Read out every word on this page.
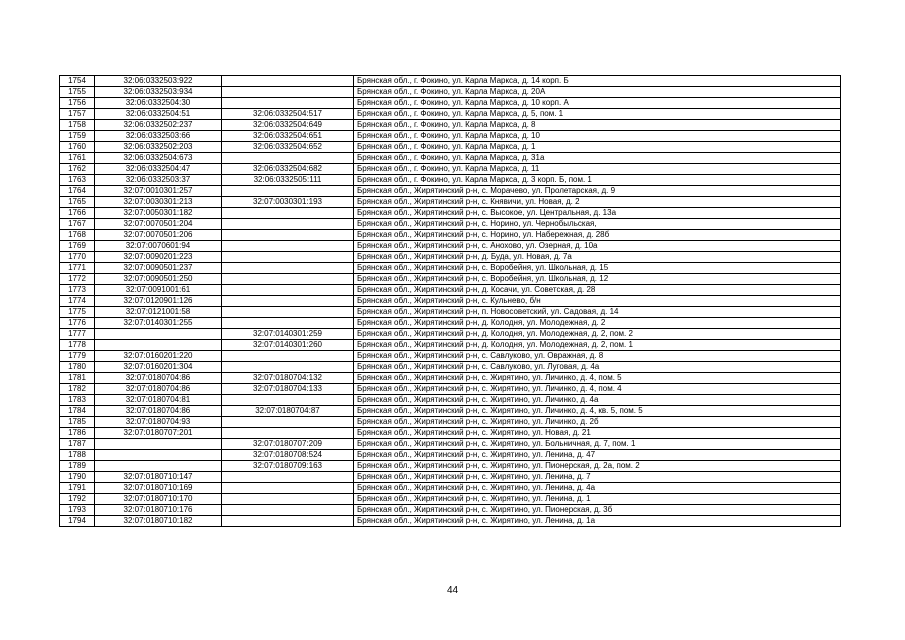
1754	32:06:0332503:922		Брянская обл., г. Фокино, ул. Карла Маркса, д. 14 корп. Б
1755	32:06:0332503:934		Брянская обл., г. Фокино, ул. Карла Маркса, д. 20А
1756	32:06:0332504:30		Брянская обл., г. Фокино, ул. Карла Маркса, д. 10 корп. А
1757	32:06:0332504:51	32:06:0332504:517	Брянская обл., г. Фокино, ул. Карла Маркса, д. 5, пом. 1
1758	32:06:0332502:237	32:06:0332504:649	Брянская обл., г. Фокино, ул. Карла Маркса, д. 8
1759	32:06:0332503:66	32:06:0332504:651	Брянская обл., г. Фокино, ул. Карла Маркса, д. 10
1760	32:06:0332502:203	32:06:0332504:652	Брянская обл., г. Фокино, ул. Карла Маркса, д. 1
1761	32:06:0332504:673		Брянская обл., г. Фокино, ул. Карла Маркса, д. 31а
1762	32:06:0332504:47	32:06:0332504:682	Брянская обл., г. Фокино, ул. Карла Маркса, д. 11
1763	32:06:0332503:37	32:06:0332505:111	Брянская обл., г. Фокино, ул. Карла Маркса, д. 3 корп. Б, пом. 1
1764	32:07:0010301:257		Брянская обл., Жирятинский р-н, с. Морачево, ул. Пролетарская, д. 9
1765	32:07:0030301:213	32:07:0030301:193	Брянская обл., Жирятинский р-н, с. Княвичи, ул. Новая, д. 2
1766	32:07:0050301:182		Брянская обл., Жирятинский р-н, с. Высокое, ул. Центральная, д. 13а
1767	32:07:0070501:204		Брянская обл., Жирятинский р-н, с. Норино, ул. Чернобыльская,
1768	32:07:0070501:206		Брянская обл., Жирятинский р-н, с. Норино, ул. Набережная, д. 28б
1769	32:07:0070601:94		Брянская обл., Жирятинский р-н, с. Анохово, ул. Озерная, д. 10а
1770	32:07:0090201:223		Брянская обл., Жирятинский р-н, д. Буда, ул. Новая, д. 7а
1771	32:07:0090501:237		Брянская обл., Жирятинский р-н, с. Воробейня, ул. Школьная, д. 15
1772	32:07:0090501:250		Брянская обл., Жирятинский р-н, с. Воробейня, ул. Школьная, д. 12
1773	32:07:0091001:61		Брянская обл., Жирятинский р-н, д. Косачи, ул. Советская, д. 28
1774	32:07:0120901:126		Брянская обл., Жирятинский р-н, с. Кульнево, б/н
1775	32:07:0121001:58		Брянская обл., Жирятинский р-н, п. Новосоветский, ул. Садовая, д. 14
1776	32:07:0140301:255		Брянская обл., Жирятинский р-н, д. Колодня, ул. Молодежная, д. 2
1777		32:07:0140301:259	Брянская обл., Жирятинский р-н, д. Колодня, ул. Молодежная, д. 2, пом. 2
1778		32:07:0140301:260	Брянская обл., Жирятинский р-н, д. Колодня, ул. Молодежная, д. 2, пом. 1
1779	32:07:0160201:220		Брянская обл., Жирятинский р-н, с. Савлуково, ул. Овражная, д. 8
1780	32:07:0160201:304		Брянская обл., Жирятинский р-н, с. Савлуково, ул. Луговая, д. 4а
1781	32:07:0180704:86	32:07:0180704:132	Брянская обл., Жирятинский р-н, с. Жирятино, ул. Личинко, д. 4, пом. 5
1782	32:07:0180704:86	32:07:0180704:133	Брянская обл., Жирятинский р-н, с. Жирятино, ул. Личинко, д. 4, пом. 4
1783	32:07:0180704:81		Брянская обл., Жирятинский р-н, с. Жирятино, ул. Личинко, д. 4а
1784	32:07:0180704:86	32:07:0180704:87	Брянская обл., Жирятинский р-н, с. Жирятино, ул. Личинко, д. 4, кв. 5, пом. 5
1785	32:07:0180704:93		Брянская обл., Жирятинский р-н, с. Жирятино, ул. Личинко, д. 2б
1786	32:07:0180707:201		Брянская обл., Жирятинский р-н, с. Жирятино, ул. Новая, д. 21
1787		32:07:0180707:209	Брянская обл., Жирятинский р-н, с. Жирятино, ул. Больничная, д. 7, пом. 1
1788		32:07:0180708:524	Брянская обл., Жирятинский р-н, с. Жирятино, ул. Ленина, д. 47
1789		32:07:0180709:163	Брянская обл., Жирятинский р-н, с. Жирятино, ул. Пионерская, д. 2а, пом. 2
1790	32:07:0180710:147		Брянская обл., Жирятинский р-н, с. Жирятино, ул. Ленина, д. 7
1791	32:07:0180710:169		Брянская обл., Жирятинский р-н, с. Жирятино, ул. Ленина, д. 4а
1792	32:07:0180710:170		Брянская обл., Жирятинский р-н, с. Жирятино, ул. Ленина, д. 1
1793	32:07:0180710:176		Брянская обл., Жирятинский р-н, с. Жирятино, ул. Пионерская, д. 3б
1794	32:07:0180710:182		Брянская обл., Жирятинский р-н, с. Жирятино, ул. Ленина, д. 1а
44
